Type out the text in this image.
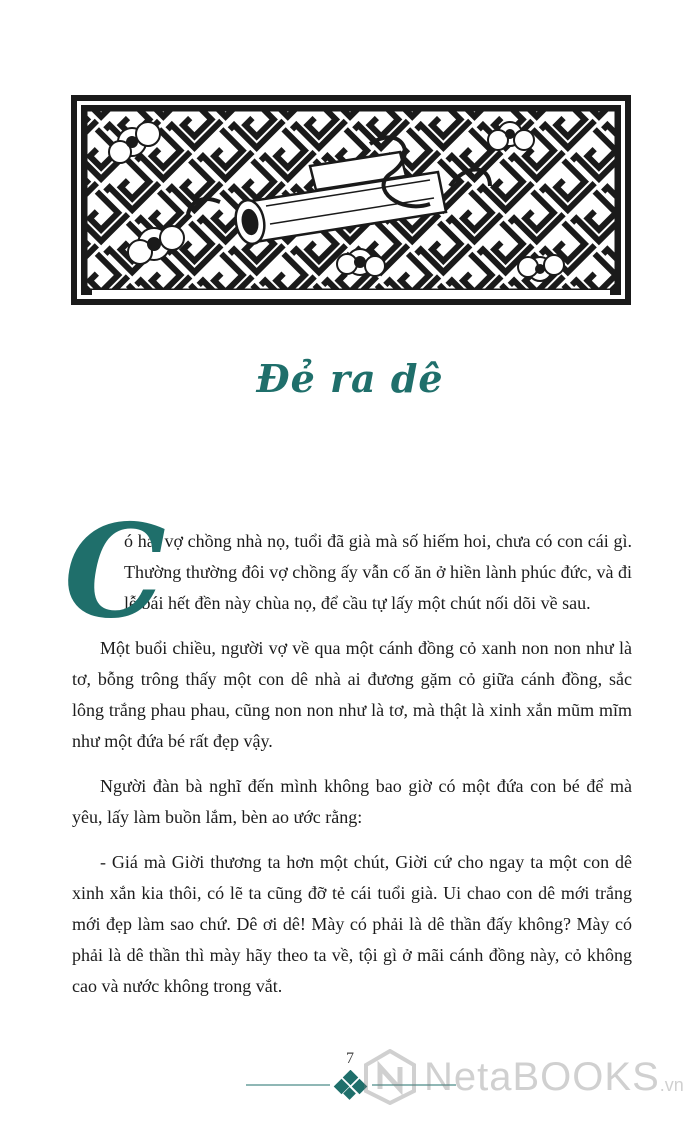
Đẻ ra dê
C

ó hai vợ chồng nhà nọ, tuổi đã già mà số hiếm hoi, chưa có con cái gì. Thường thường đôi vợ chồng ấy vẫn cố ăn ở hiền lành phúc đức, và đi lễ bái hết đền này chùa nọ, để cầu tự lấy một chút nối dõi về sau.

Một buổi chiều, người vợ về qua một cánh đồng cỏ xanh non non như là tơ, bỗng trông thấy một con dê nhà ai đương gặm cỏ giữa cánh đồng, sắc lông trắng phau phau, cũng non non như là tơ, mà thật là xinh xắn mũm mĩm như một đứa bé rất đẹp vậy.

Người đàn bà nghĩ đến mình không bao giờ có một đứa con bé để mà yêu, lấy làm buồn lắm, bèn ao ước rằng:

- Giá mà Giời thương ta hơn một chút, Giời cứ cho ngay ta một con dê xinh xắn kia thôi, có lẽ ta cũng đỡ tẻ cái tuổi già. Ui chao con dê mới trắng mới đẹp làm sao chứ. Dê ơi dê! Mày có phải là dê thần đấy không? Mày có phải là dê thần thì mày hãy theo ta về, tội gì ở mãi cánh đồng này, cỏ không cao và nước không trong vắt.

7	NetaBOOKS .vn
